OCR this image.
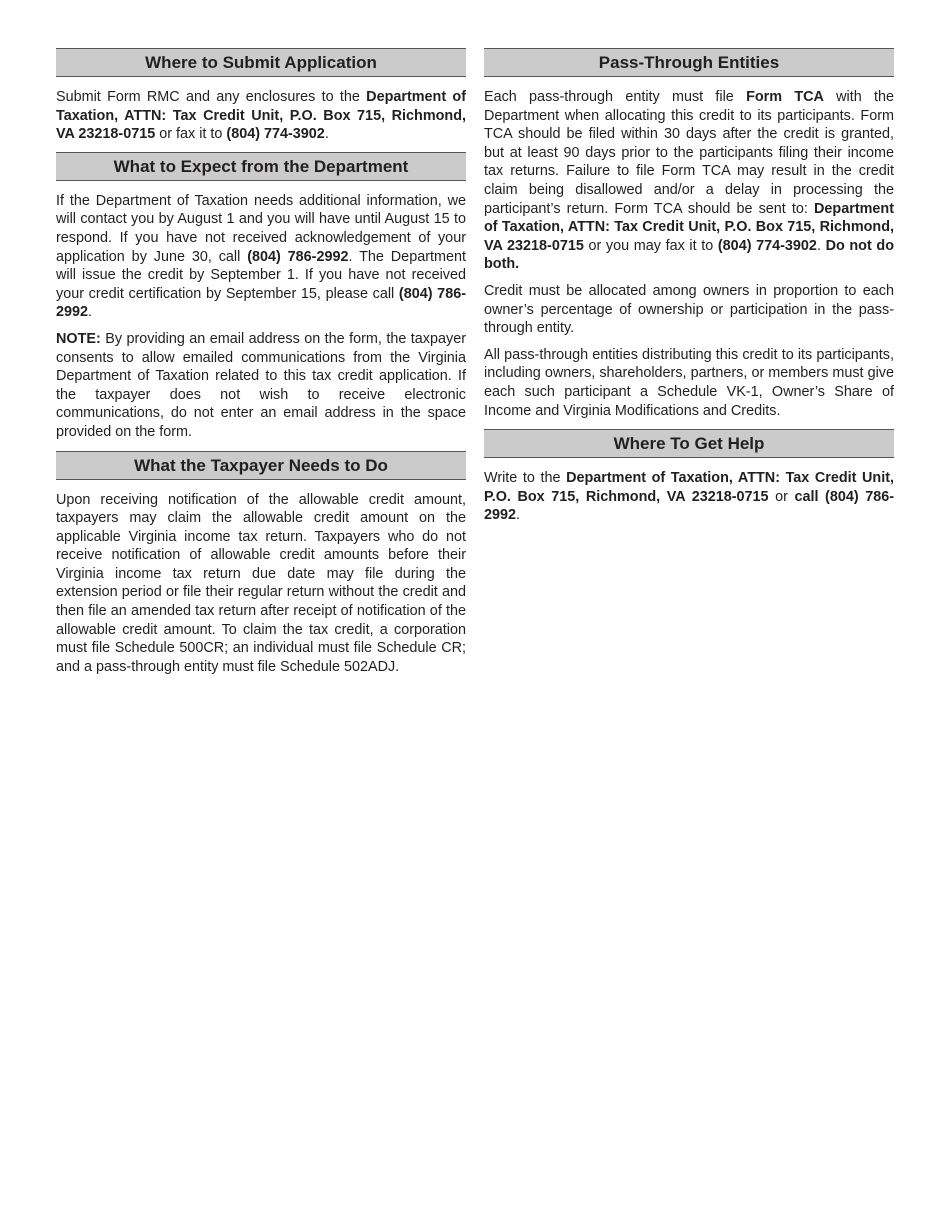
Where to Submit Application

Submit Form RMC and any enclosures to the Department of Taxation, ATTN: Tax Credit Unit, P.O. Box 715, Richmond, VA 23218-0715 or fax it to (804) 774-3902.

What to Expect from the Department

If the Department of Taxation needs additional information, we will contact you by August 1 and you will have until August 15 to respond. If you have not received acknowledgement of your application by June 30, call (804) 786-2992. The Department will issue the credit by September 1. If you have not received your credit certification by September 15, please call (804) 786-2992.

NOTE: By providing an email address on the form, the taxpayer consents to allow emailed communications from the Virginia Department of Taxation related to this tax credit application. If the taxpayer does not wish to receive electronic communications, do not enter an email address in the space provided on the form.

What the Taxpayer Needs to Do

Upon receiving notification of the allowable credit amount, taxpayers may claim the allowable credit amount on the applicable Virginia income tax return. Taxpayers who do not receive notification of allowable credit amounts before their Virginia income tax return due date may file during the extension period or file their regular return without the credit and then file an amended tax return after receipt of notification of the allowable credit amount. To claim the tax credit, a corporation must file Schedule 500CR; an individual must file Schedule CR; and a pass-through entity must file Schedule 502ADJ.

Pass-Through Entities

Each pass-through entity must file Form TCA with the Department when allocating this credit to its participants. Form TCA should be filed within 30 days after the credit is granted, but at least 90 days prior to the participants filing their income tax returns. Failure to file Form TCA may result in the credit claim being disallowed and/or a delay in processing the participant’s return. Form TCA should be sent to: Department of Taxation, ATTN: Tax Credit Unit, P.O. Box 715, Richmond, VA 23218-0715 or you may fax it to (804) 774-3902. Do not do both.

Credit must be allocated among owners in proportion to each owner’s percentage of ownership or participation in the pass-through entity.

All pass-through entities distributing this credit to its participants, including owners, shareholders, partners, or members must give each such participant a Schedule VK-1, Owner’s Share of Income and Virginia Modifications and Credits.

Where To Get Help

Write to the Department of Taxation, ATTN: Tax Credit Unit, P.O. Box 715, Richmond, VA 23218-0715 or call (804) 786-2992.
